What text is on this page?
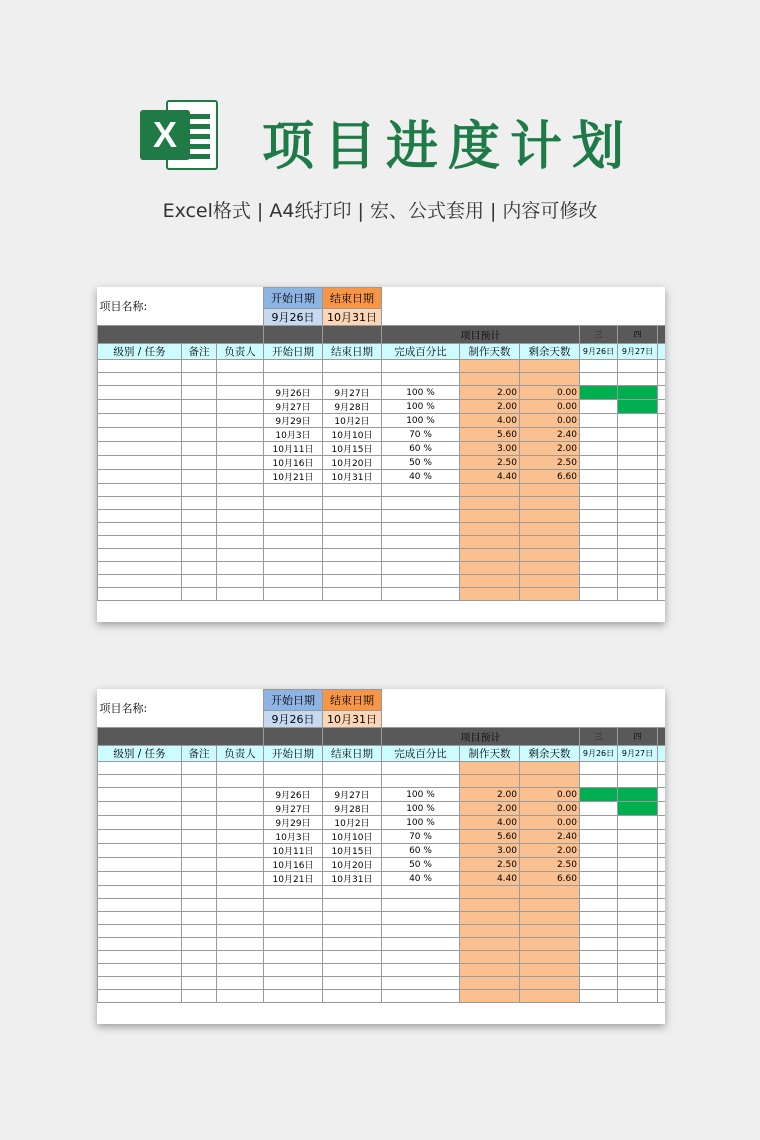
X 项目进度计划
Excel格式 | A4纸打印 | 宏、公式套用 | 内容可修改
项目名称:			开始日期	结束日期						
			9月26日	10月31日						
					项目预计			三	四	
级别 / 任务	备注	负责人	开始日期	结束日期	完成百分比	制作天数	剩余天数	9月26日	9月27日	

			9月26日	9月27日	100 %	2.00	0.00			
			9月27日	9月28日	100 %	2.00	0.00			
			9月29日	10月2日	100 %	4.00	0.00			
			10月3日	10月10日	70 %	5.60	2.40			
			10月11日	10月15日	60 %	3.00	2.00			
			10月16日	10月20日	50 %	2.50	2.50			
			10月21日	10月31日	40 %	4.40	6.60			

项目名称:			开始日期	结束日期						
			9月26日	10月31日						
					项目预计			三	四	
级别 / 任务	备注	负责人	开始日期	结束日期	完成百分比	制作天数	剩余天数	9月26日	9月27日	

			9月26日	9月27日	100 %	2.00	0.00			
			9月27日	9月28日	100 %	2.00	0.00			
			9月29日	10月2日	100 %	4.00	0.00			
			10月3日	10月10日	70 %	5.60	2.40			
			10月11日	10月15日	60 %	3.00	2.00			
			10月16日	10月20日	50 %	2.50	2.50			
			10月21日	10月31日	40 %	4.40	6.60			
